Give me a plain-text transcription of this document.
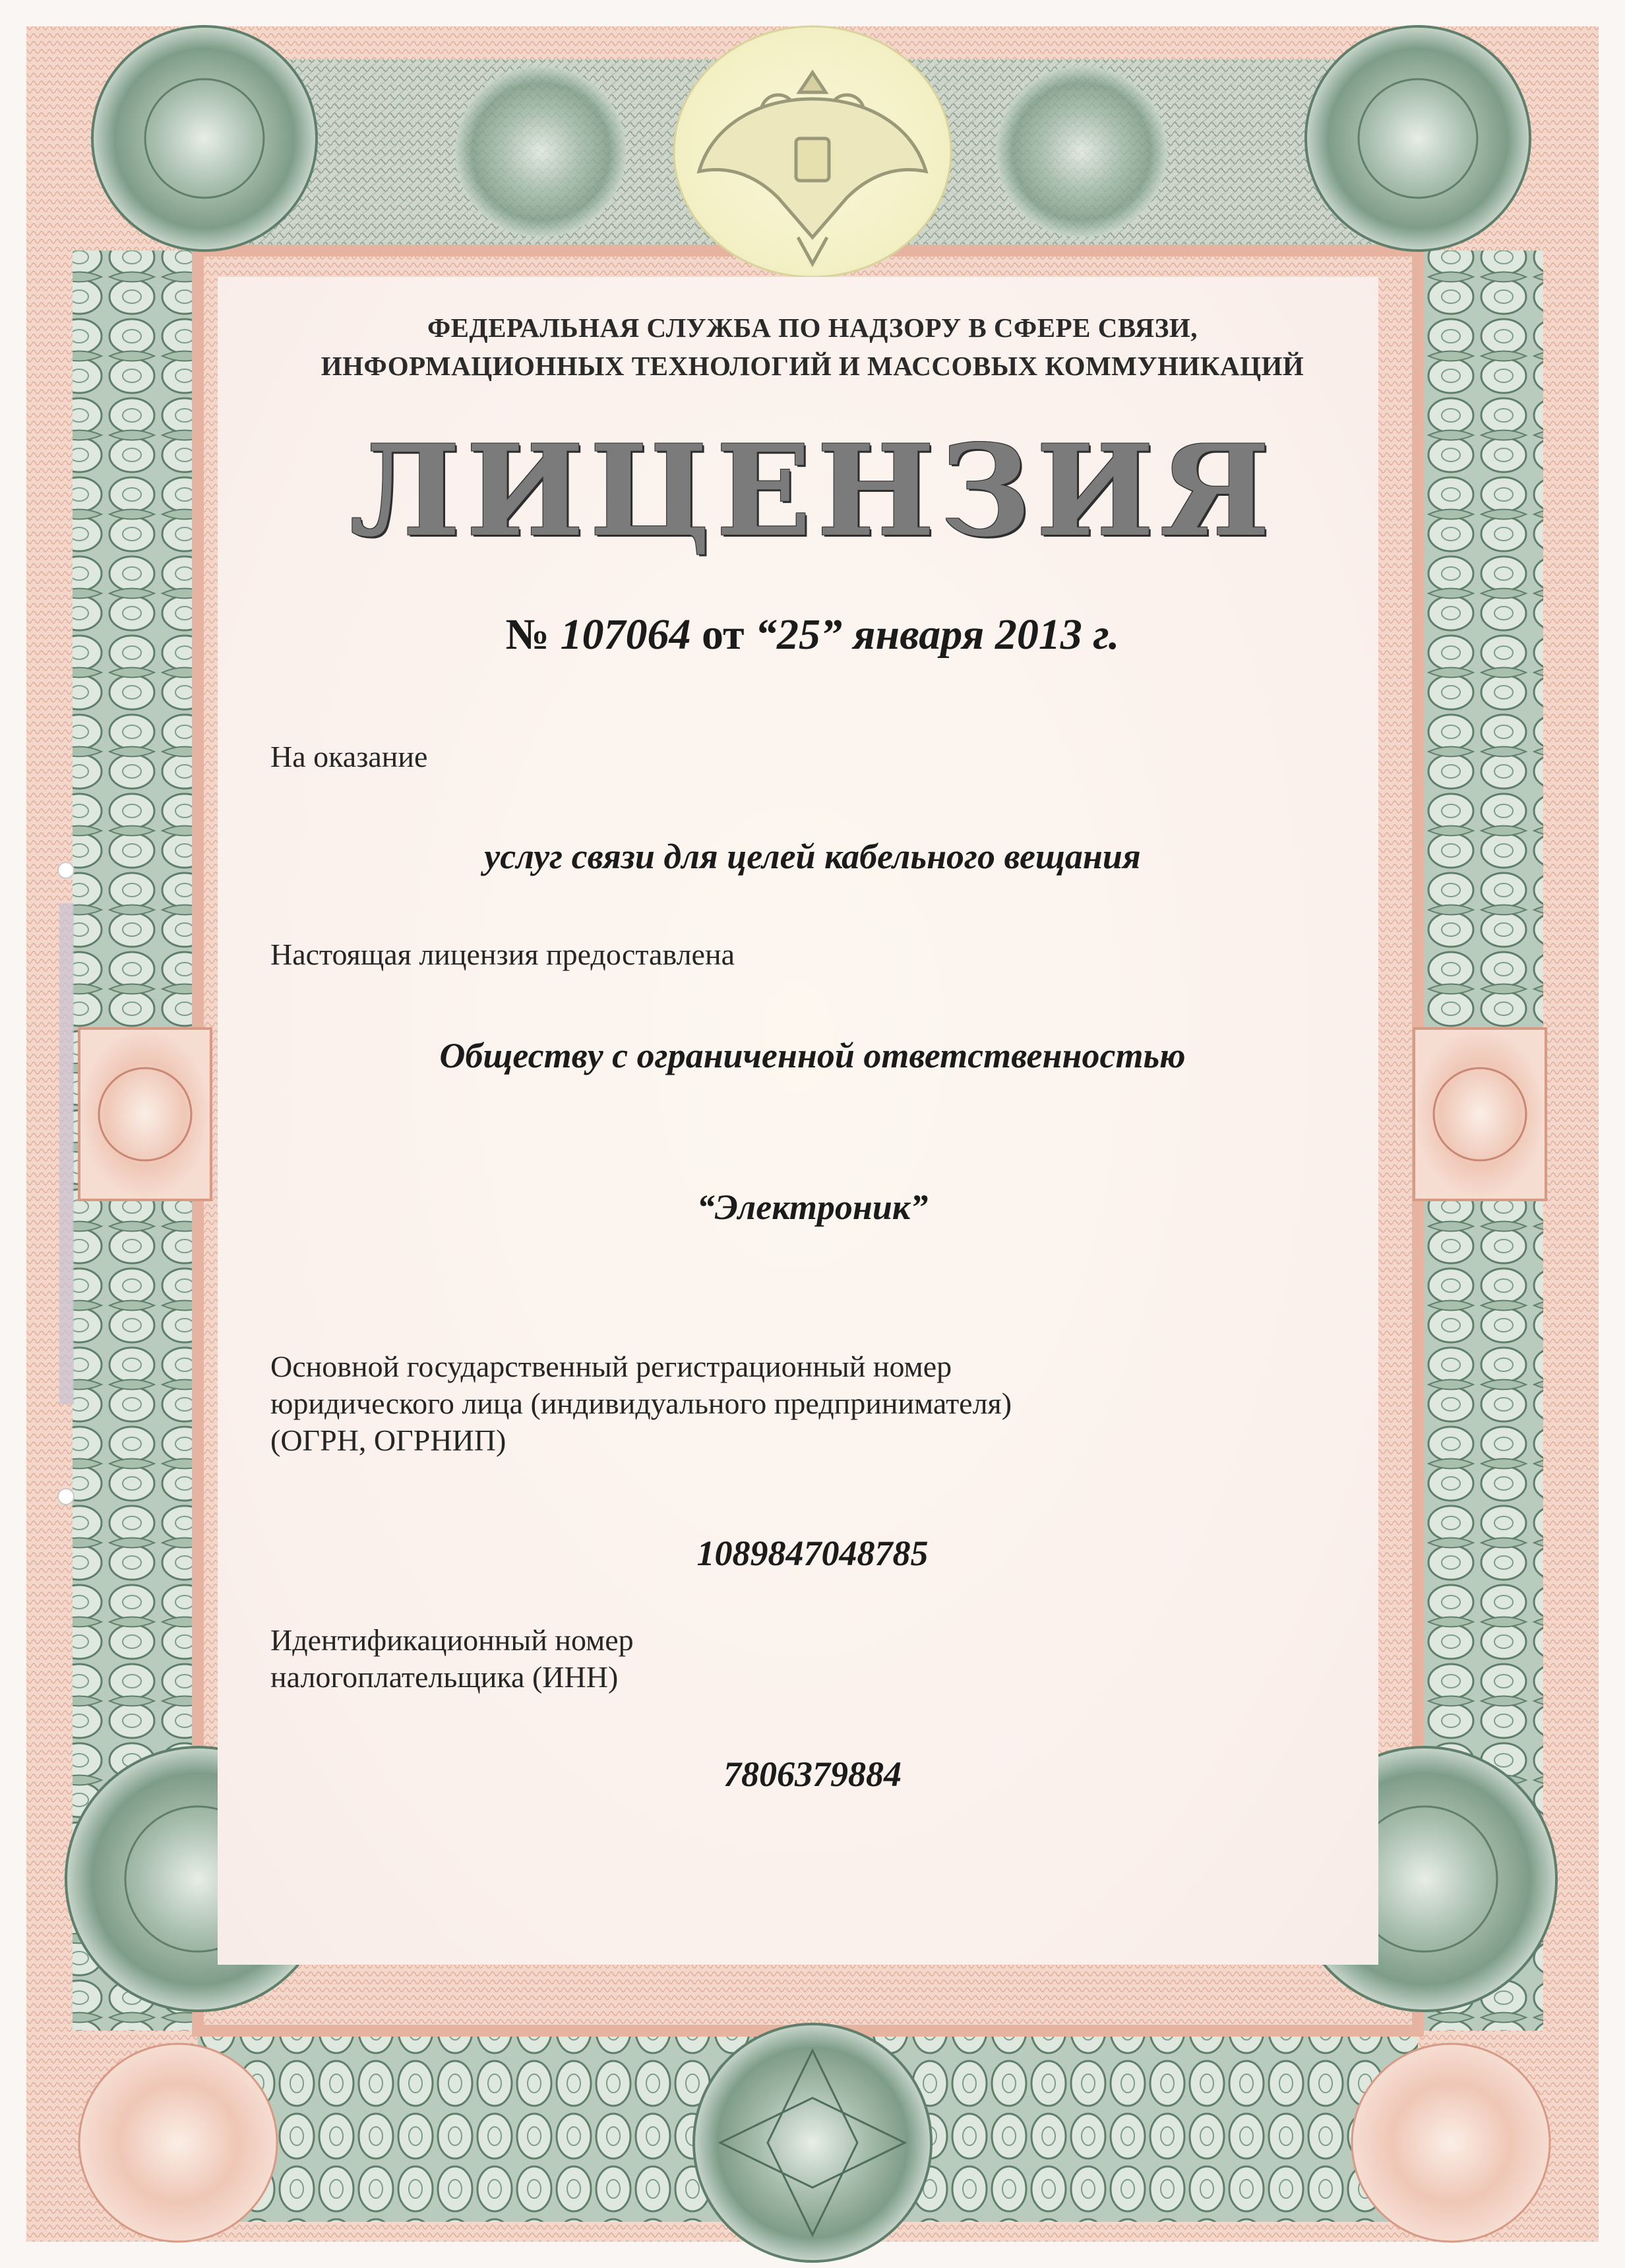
ФЕДЕРАЛЬНАЯ СЛУЖБА ПО НАДЗОРУ В СФЕРЕ СВЯЗИ,
ИНФОРМАЦИОННЫХ ТЕХНОЛОГИЙ И МАССОВЫХ КОММУНИКАЦИЙ
ЛИЦЕНЗИЯ
№ 107064 от “25” января 2013 г.
На оказание
услуг связи для целей кабельного вещания
Настоящая лицензия предоставлена
Обществу с ограниченной ответственностью
“Электроник”
Основной государственный регистрационный номер
юридического лица (индивидуального предпринимателя)
(ОГРН, ОГРНИП)
1089847048785
Идентификационный номер
налогоплательщика (ИНН)
7806379884
